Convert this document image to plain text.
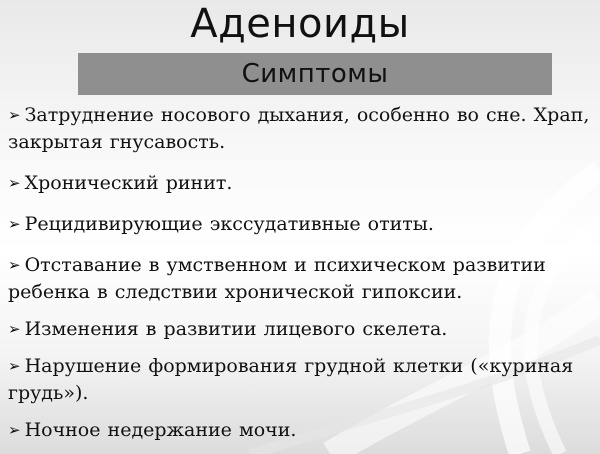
Аденоиды
Симптомы
➢ Затруднение носового дыхания, особенно во сне. Храп, закрытая гнусавость.
➢ Хронический ринит.
➢ Рецидивирующие экссудативные отиты.
➢ Отставание в умственном и психическом развитии ребенка в следствии хронической гипоксии.
➢ Изменения в развитии лицевого скелета.
➢ Нарушение формирования грудной клетки («куриная грудь»).
➢ Ночное недержание мочи.
